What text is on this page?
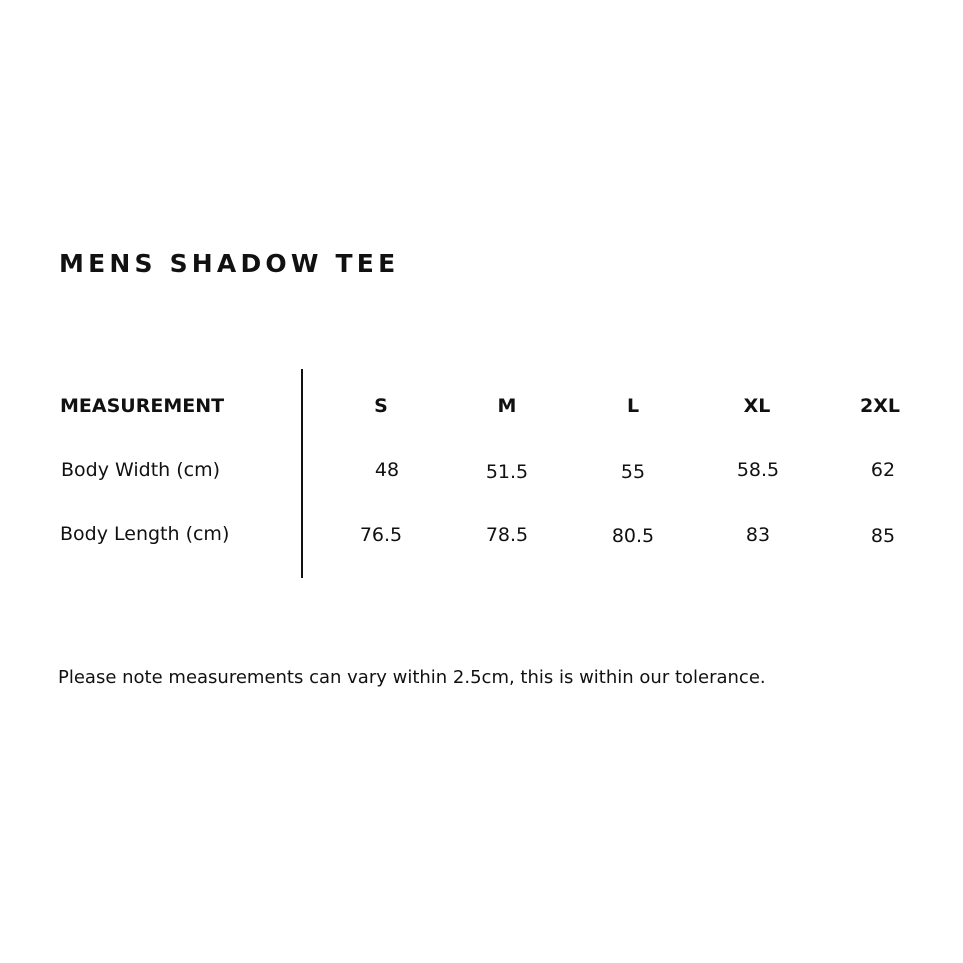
MENS SHADOW TEE
MEASUREMENT	S	M	L	XL	2XL
Body Width (cm)	48	51.5	55	58.5	62
Body Length (cm)	76.5	78.5	80.5	83	85
Please note measurements can vary within 2.5cm, this is within our tolerance.
